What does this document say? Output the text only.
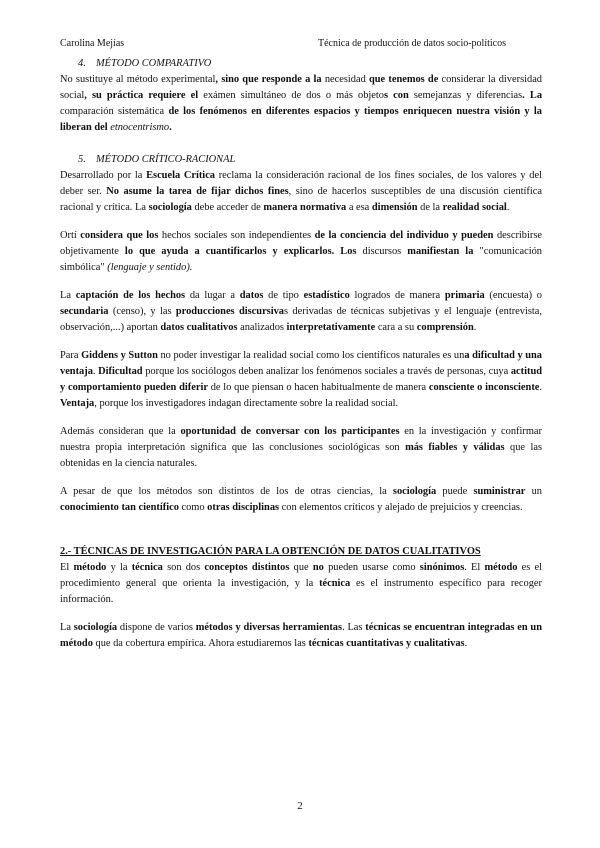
Carolina Mejías	Técnica de producción de datos socio-políticos
4. MÉTODO COMPARATIVO

No sustituye al método experimental, sino que responde a la necesidad que tenemos de considerar la diversidad social, su práctica requiere el exámen simultáneo de dos o más objetos con semejanzas y diferencias. La comparación sistemática de los fenómenos en diferentes espacios y tiempos enriquecen nuestra visión y la liberan del etnocentrismo.

5. MÉTODO CRÍTICO-RACIONAL

Desarrollado por la Escuela Crítica reclama la consideración racional de los fines sociales, de los valores y del deber ser. No asume la tarea de fijar dichos fines, sino de hacerlos susceptibles de una discusión científica racional y crítica. La sociología debe acceder de manera normativa a esa dimensión de la realidad social.

Ortí considera que los hechos sociales son independientes de la conciencia del individuo y pueden describirse objetivamente lo que ayuda a cuantificarlos y explicarlos. Los discursos manifiestan la "comunicación simbólica" (lenguaje y sentido).

La captación de los hechos da lugar a datos de tipo estadístico logrados de manera primaria (encuesta) o secundaria (censo), y las producciones discursivas derivadas de técnicas subjetivas y el lenguaje (entrevista, observación,...) aportan datos cualitativos analizados interpretativamente cara a su comprensión.

Para Giddens y Sutton no poder investigar la realidad social como los científicos naturales es una dificultad y una ventaja. Dificultad porque los sociólogos deben analizar los fenómenos sociales a través de personas, cuya actitud y comportamiento pueden diferir de lo que piensan o hacen habitualmente de manera consciente o inconsciente. Ventaja, porque los investigadores indagan directamente sobre la realidad social.

Además consideran que la oportunidad de conversar con los participantes en la investigación y confirmar nuestra propia interpretación significa que las conclusiones sociológicas son más fiables y válidas que las obtenidas en la ciencia naturales.

A pesar de que los métodos son distintos de los de otras ciencias, la sociología puede suministrar un conocimiento tan científico como otras disciplinas con elementos críticos y alejado de prejuicios y creencias.

2.- TÉCNICAS DE INVESTIGACIÓN PARA LA OBTENCIÓN DE DATOS CUALITATIVOS

El método y la técnica son dos conceptos distintos que no pueden usarse como sinónimos. El método es el procedimiento general que orienta la investigación, y la técnica es el instrumento específico para recoger información.

La sociología dispone de varios métodos y diversas herramientas. Las técnicas se encuentran integradas en un método que da cobertura empírica. Ahora estudiaremos las técnicas cuantitativas y cualitativas.

2
